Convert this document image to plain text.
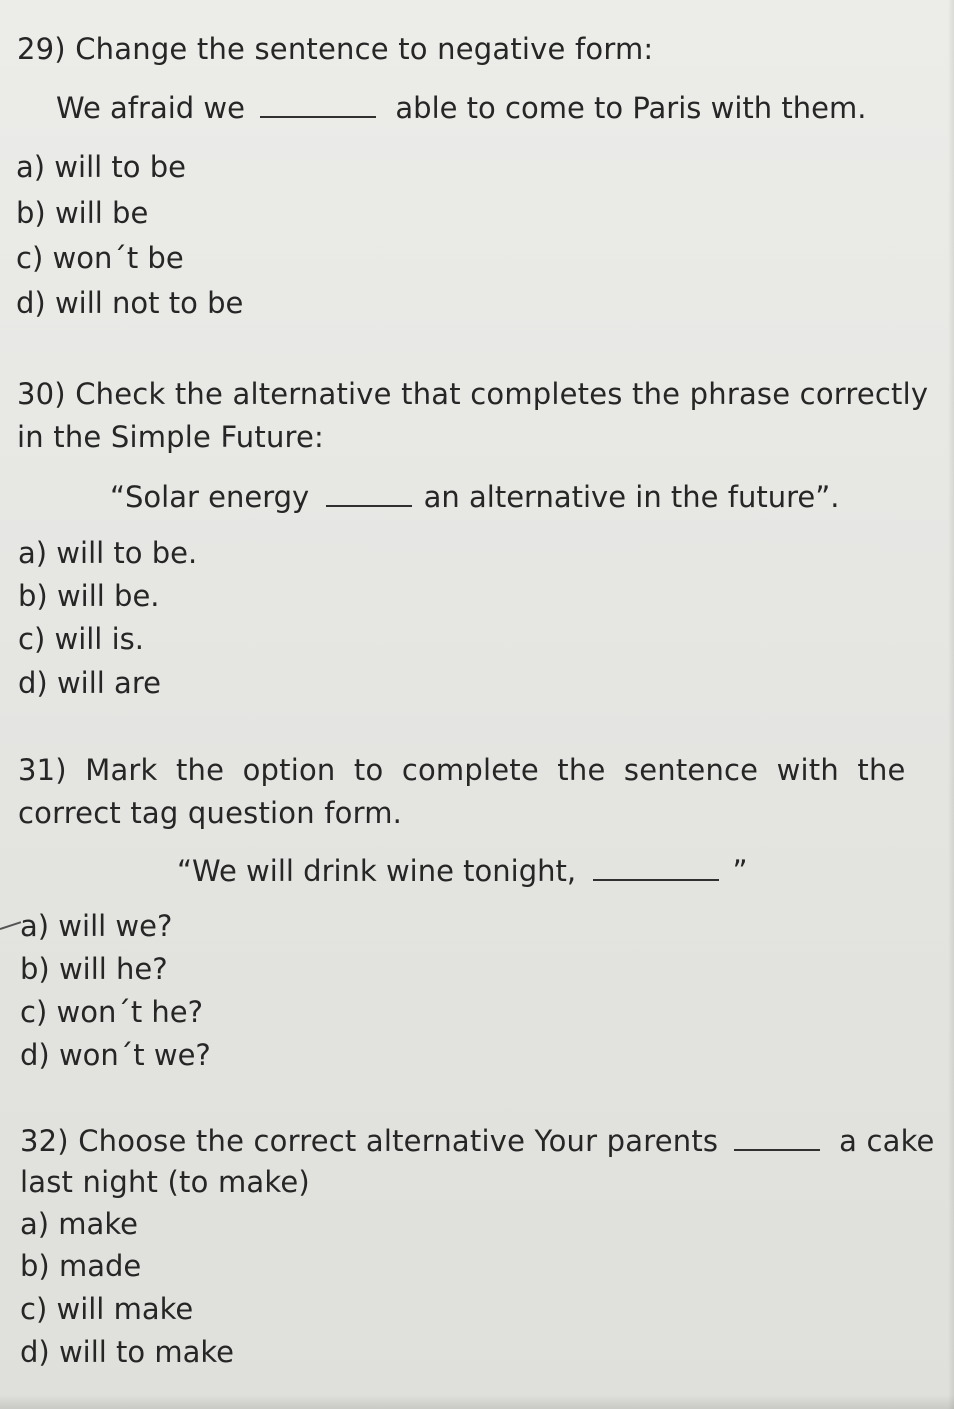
29) Change the sentence to negative form:
We afraid we	able to come to Paris with them.
a) will to be
b) will be
c) won´t be
d) will not to be
30) Check the alternative that completes the phrase correctly
in the Simple Future:
“Solar energy	an alternative in the future”.
a) will to be.
b) will be.
c) will is.
d) will are
31) Mark the option to complete the sentence with the
correct tag question form.
“We will drink wine tonight,	”
a) will we?
b) will he?
c) won´t he?
d) won´t we?
32) Choose the correct alternative Your parents	a cake
last night (to make)
a) make
b) made
c) will make
d) will to make
